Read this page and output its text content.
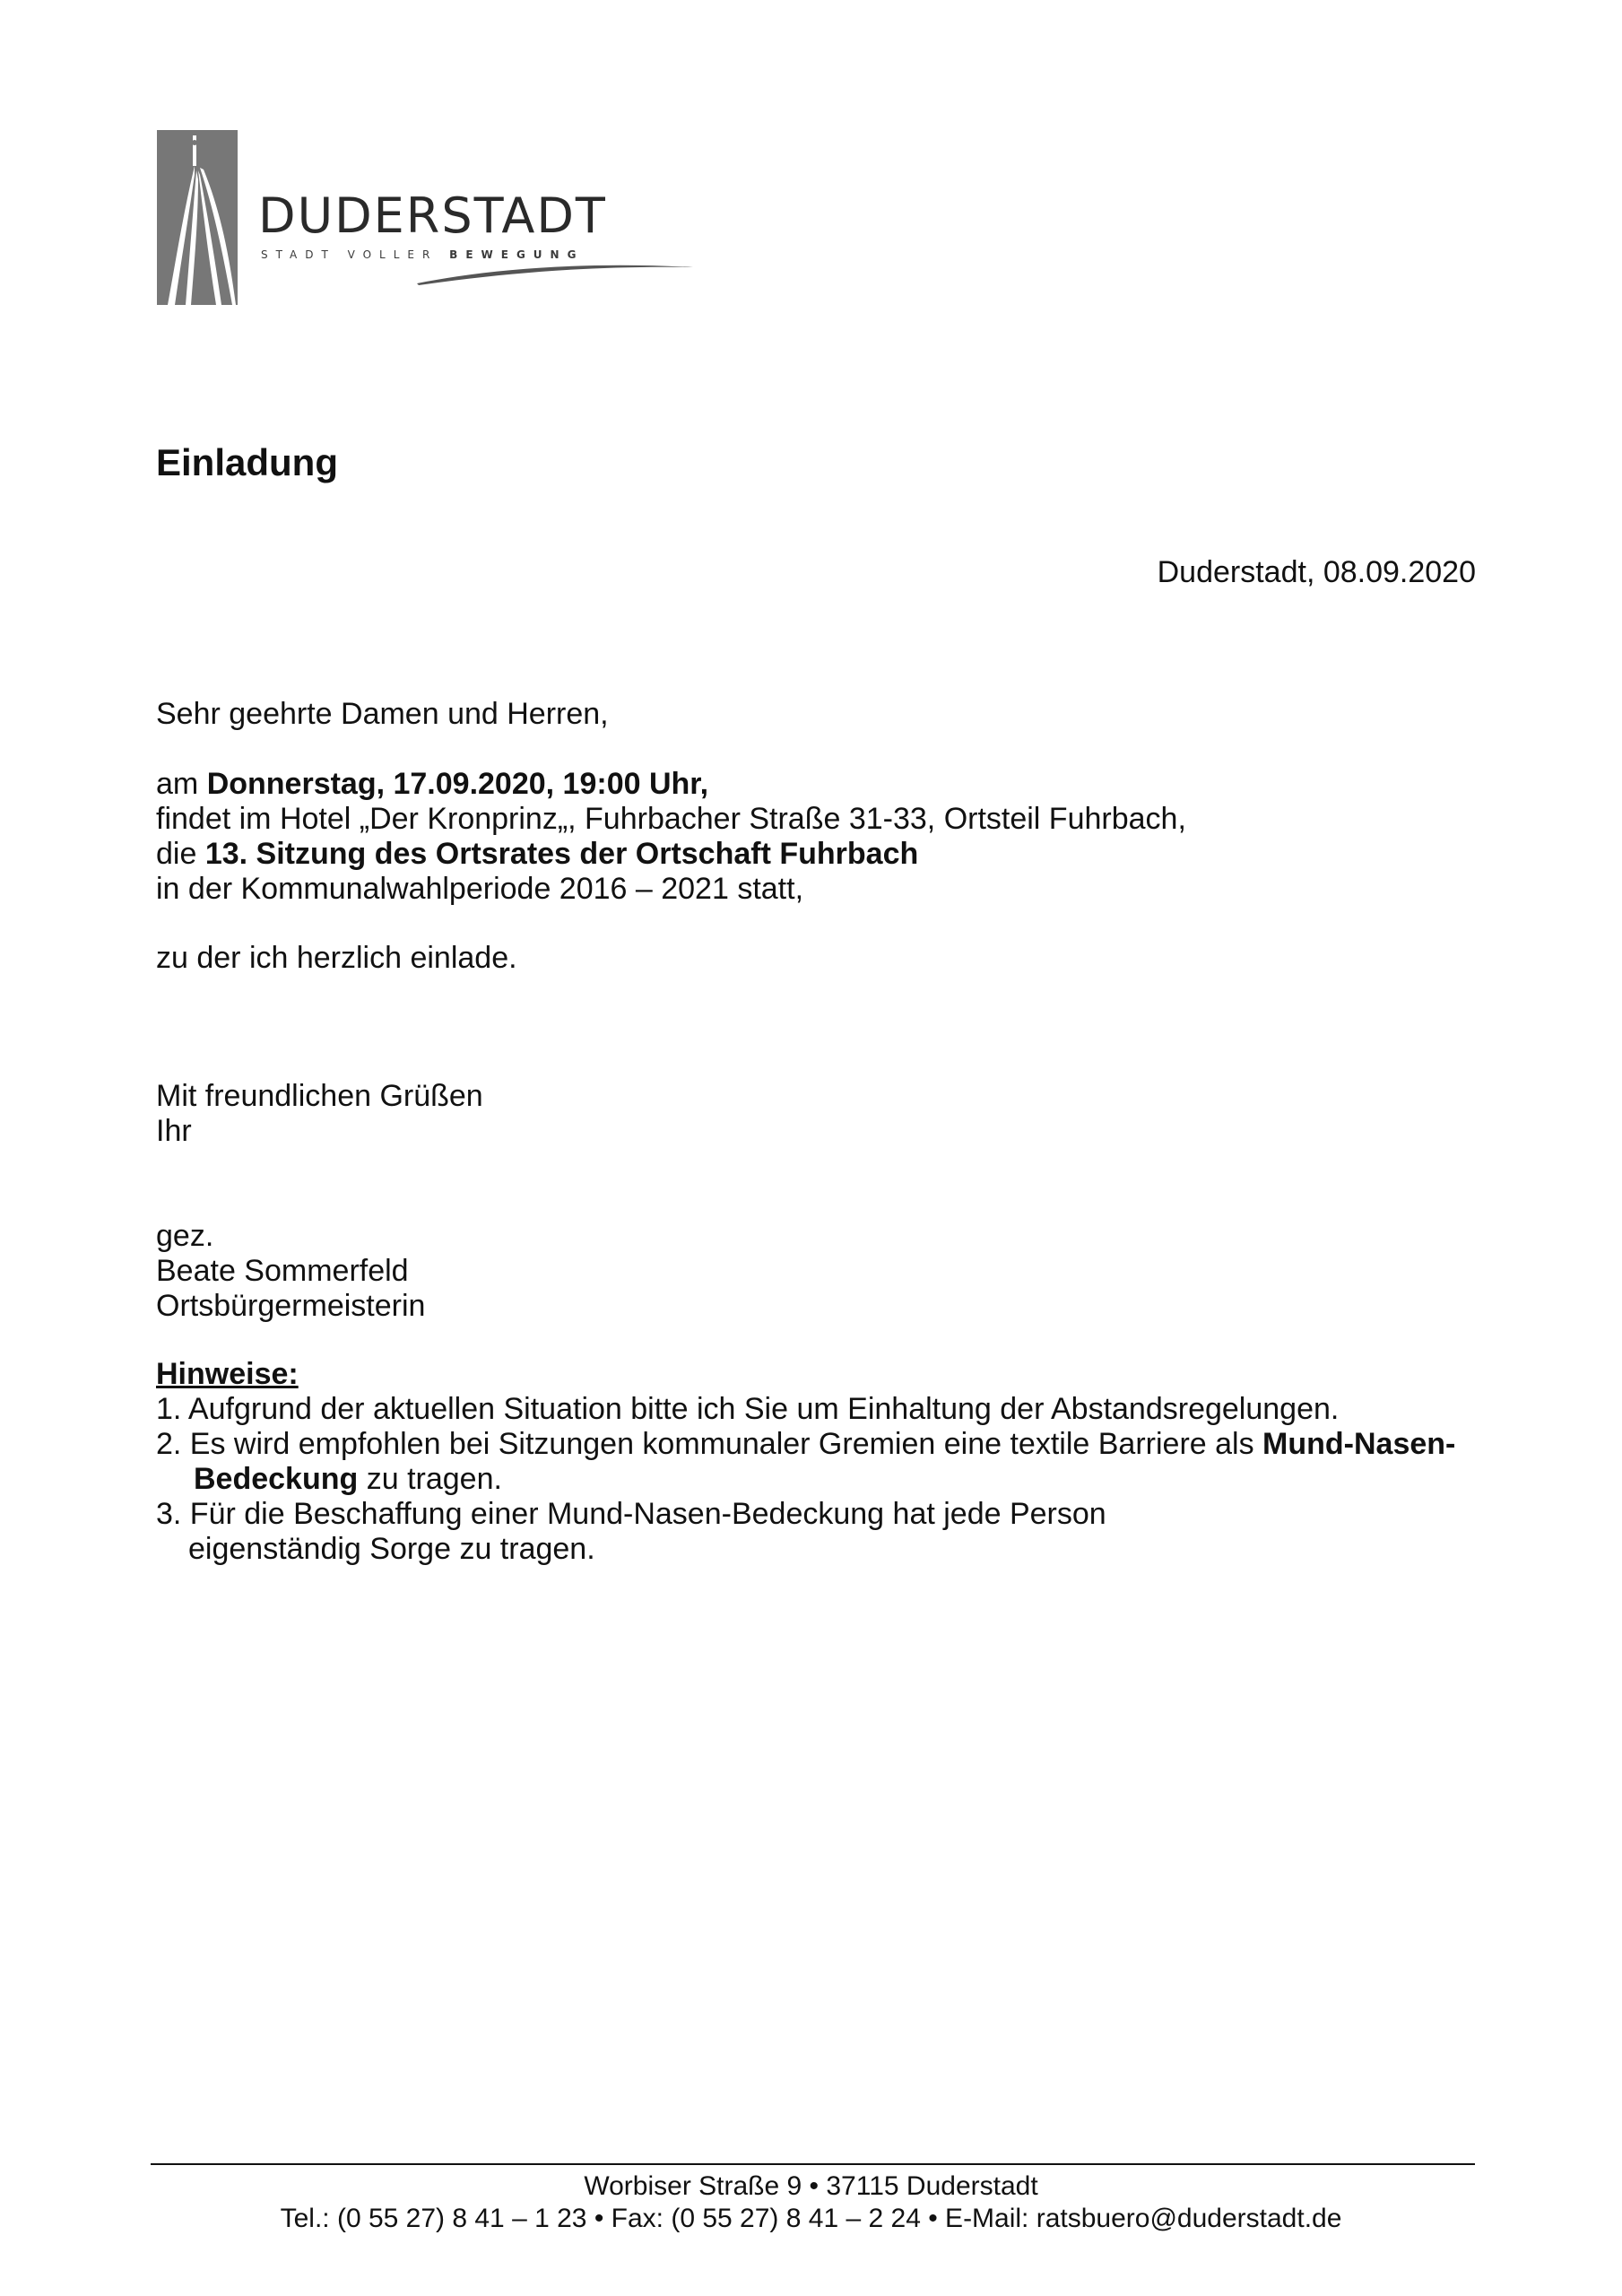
DUDERSTADT
STADT VOLLER BEWEGUNG
Einladung
Duderstadt, 08.09.2020
Sehr geehrte Damen und Herren,
am Donnerstag, 17.09.2020, 19:00 Uhr,
findet im Hotel „Der Kronprinz„, Fuhrbacher Straße 31-33, Ortsteil Fuhrbach,
die 13. Sitzung des Ortsrates der Ortschaft Fuhrbach
in der Kommunalwahlperiode 2016 – 2021 statt,
zu der ich herzlich einlade.
Mit freundlichen Grüßen
Ihr
gez.
Beate Sommerfeld
Ortsbürgermeisterin
Hinweise:
1. Aufgrund der aktuellen Situation bitte ich Sie um Einhaltung der Abstandsregelungen.
2. Es wird empfohlen bei Sitzungen kommunaler Gremien eine textile Barriere als Mund-Nasen-
Bedeckung zu tragen.
3. Für die Beschaffung einer Mund-Nasen-Bedeckung hat jede Person
eigenständig Sorge zu tragen.
Worbiser Straße 9 • 37115 Duderstadt
Tel.: (0 55 27) 8 41 – 1 23 • Fax: (0 55 27) 8 41 – 2 24 • E-Mail: ratsbuero@duderstadt.de
